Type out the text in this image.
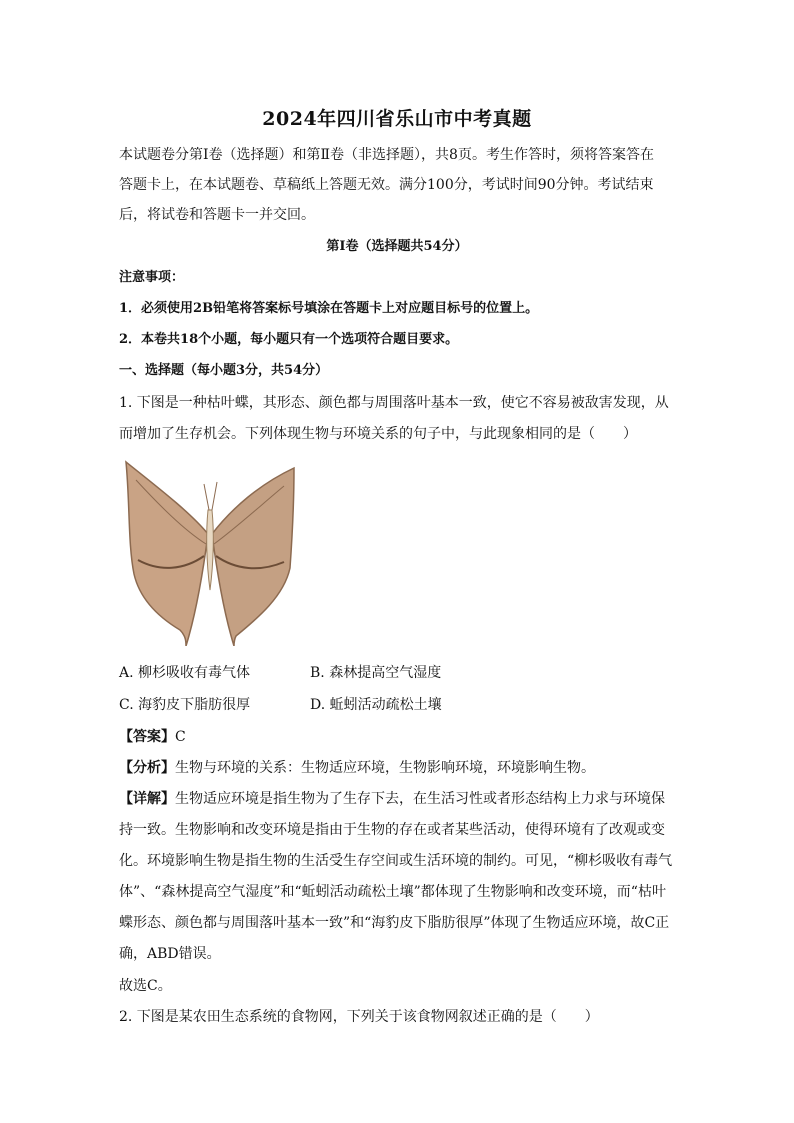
2024年四川省乐山市中考真题
本试题卷分第Ⅰ卷（选择题）和第Ⅱ卷（非选择题），共8页。考生作答时，须将答案答在
答题卡上，在本试题卷、草稿纸上答题无效。满分100分，考试时间90分钟。考试结束
后，将试卷和答题卡一并交回。
第Ⅰ卷（选择题共54分）
注意事项：
1．必须使用2B铅笔将答案标号填涂在答题卡上对应题目标号的位置上。
2．本卷共18个小题，每小题只有一个选项符合题目要求。
一、选择题（每小题3分，共54分）
1. 下图是一种枯叶蝶，其形态、颜色都与周围落叶基本一致，使它不容易被敌害发现，从
而增加了生存机会。下列体现生物与环境关系的句子中，与此现象相同的是（　　）
A. 柳杉吸收有毒气体	B. 森林提高空气湿度
C. 海豹皮下脂肪很厚	D. 蚯蚓活动疏松土壤
【答案】C
【分析】生物与环境的关系：生物适应环境，生物影响环境，环境影响生物。
【详解】生物适应环境是指生物为了生存下去，在生活习性或者形态结构上力求与环境保
持一致。生物影响和改变环境是指由于生物的存在或者某些活动，使得环境有了改观或变
化。环境影响生物是指生物的生活受生存空间或生活环境的制约。可见，“柳杉吸收有毒气
体”、“森林提高空气湿度”和“蚯蚓活动疏松土壤”都体现了生物影响和改变环境，而“枯叶
蝶形态、颜色都与周围落叶基本一致”和“海豹皮下脂肪很厚”体现了生物适应环境，故C正
确，ABD错误。
故选C。
2. 下图是某农田生态系统的食物网，下列关于该食物网叙述正确的是（　　）
